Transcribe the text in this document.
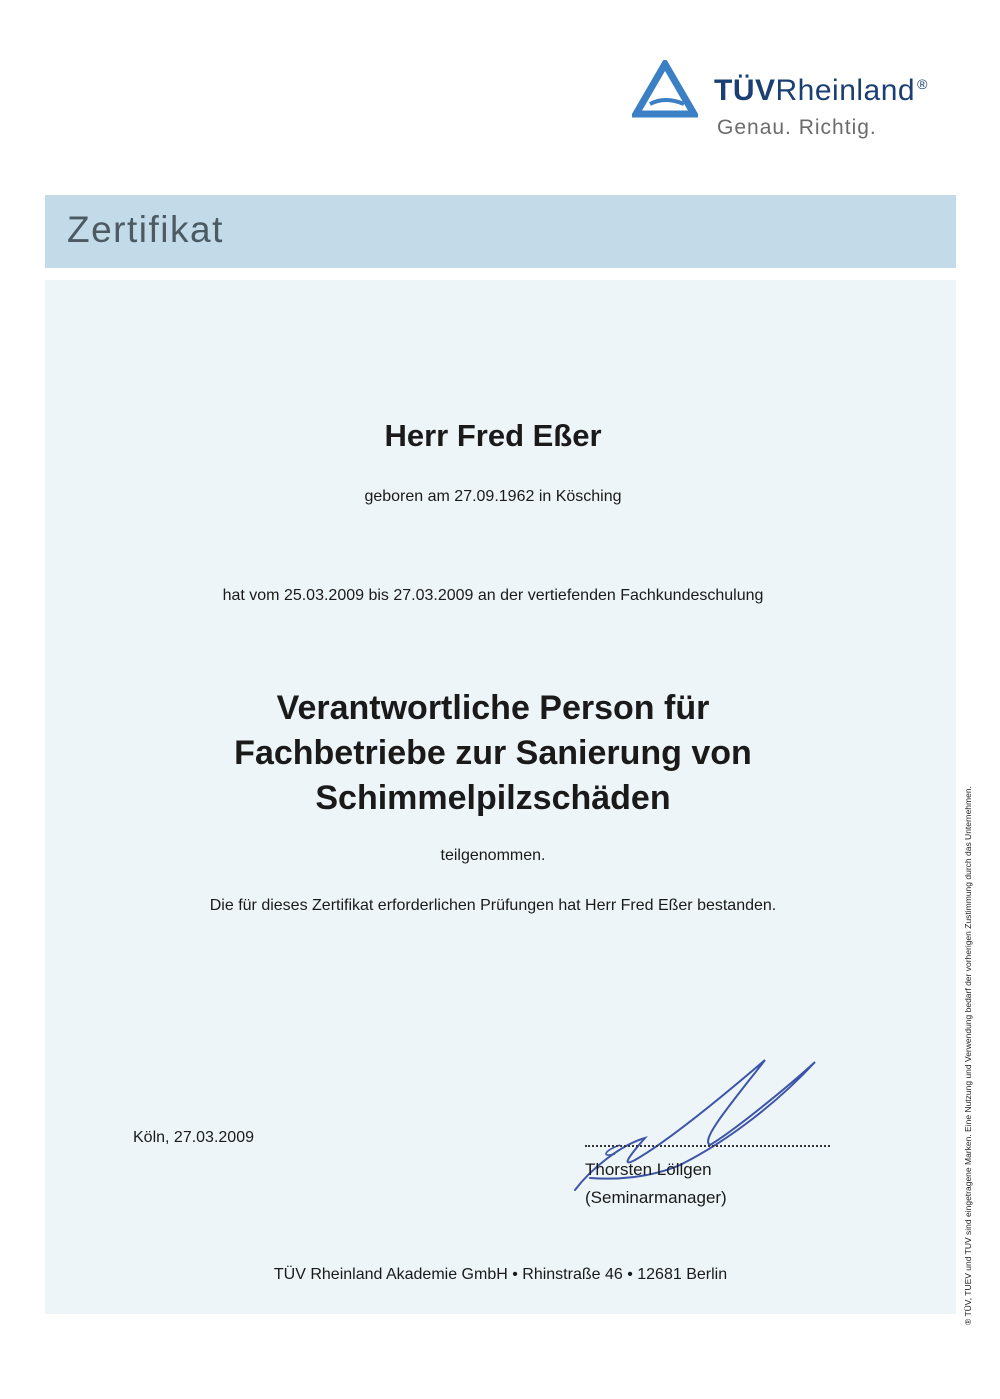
TÜVRheinland ®
Genau. Richtig.
Zertifikat
Herr Fred Eßer
geboren am 27.09.1962 in Kösching
hat vom 25.03.2009 bis 27.03.2009 an der vertiefenden Fachkundeschulung
Verantwortliche Person für
Fachbetriebe zur Sanierung von
Schimmelpilzschäden
teilgenommen.
Die für dieses Zertifikat erforderlichen Prüfungen hat Herr Fred Eßer bestanden.
Köln, 27.03.2009
Thorsten Löllgen
(Seminarmanager)
TÜV Rheinland Akademie GmbH • Rhinstraße 46 • 12681 Berlin	® TÜV, TUEV und TUV sind eingetragene Marken. Eine Nutzung und Verwendung bedarf der vorherigen Zustimmung durch das Unternehmen.
